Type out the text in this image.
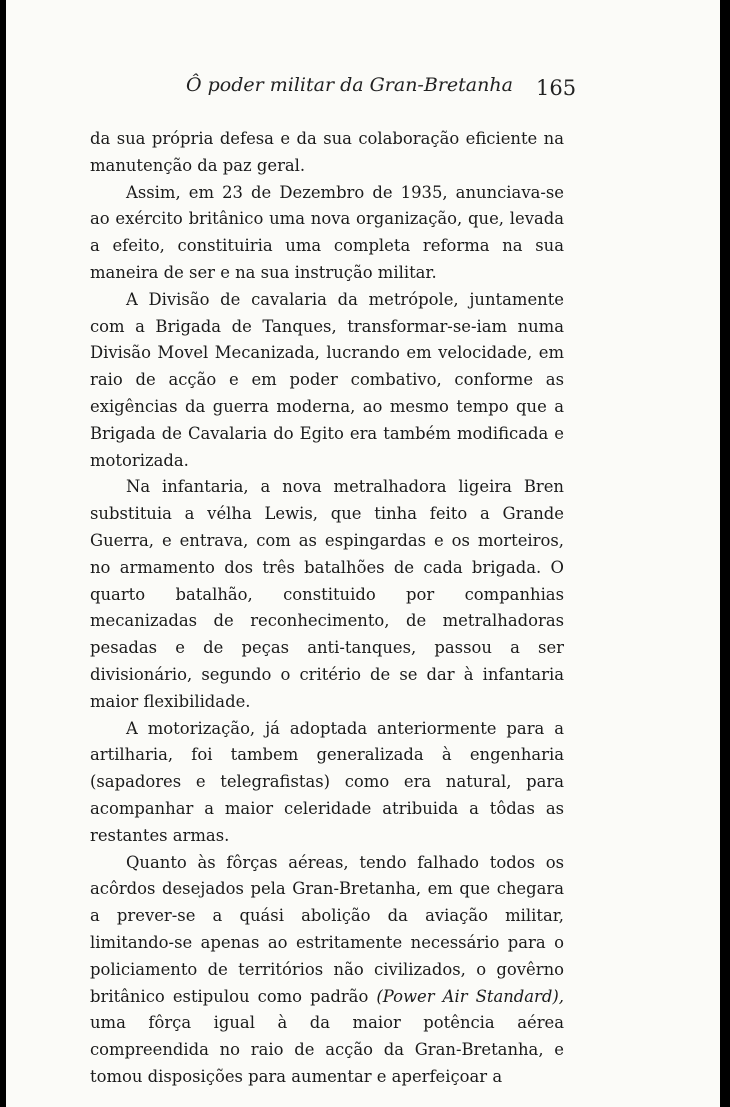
Ô poder militar da Gran-Bretanha 165

da sua própria defesa e da sua colaboração eficiente na manutenção da paz geral.

Assim, em 23 de Dezembro de 1935, anunciava-se ao exército britânico uma nova organização, que, levada a efeito, constituiria uma completa reforma na sua maneira de ser e na sua instrução militar.

A Divisão de cavalaria da metrópole, juntamente com a Brigada de Tanques, transformar-se-iam numa Divisão Movel Mecanizada, lucrando em velocidade, em raio de acção e em poder combativo, conforme as exigências da guerra moderna, ao mesmo tempo que a Brigada de Cavalaria do Egito era também modificada e motorizada.

Na infantaria, a nova metralhadora ligeira Bren substituia a vélha Lewis, que tinha feito a Grande Guerra, e entrava, com as espingardas e os morteiros, no armamento dos três batalhões de cada brigada. O quarto batalhão, constituido por companhias mecanizadas de reconhecimento, de metralhadoras pesadas e de peças anti-tanques, passou a ser divisionário, segundo o critério de se dar à infantaria maior flexibilidade.

A motorização, já adoptada anteriormente para a artilharia, foi tambem generalizada à engenharia (sapadores e telegrafistas) como era natural, para acompanhar a maior celeridade atribuida a tôdas as restantes armas.

Quanto às fôrças aéreas, tendo falhado todos os acôrdos desejados pela Gran-Bretanha, em que chegara a prever-se a quási abolição da aviação militar, limitando-se apenas ao estritamente necessário para o policiamento de territórios não civilizados, o govêrno britânico estipulou como padrão (Power Air Standard), uma fôrça igual à da maior potência aérea compreendida no raio de acção da Gran-Bretanha, e tomou disposições para aumentar e aperfeiçoar a
